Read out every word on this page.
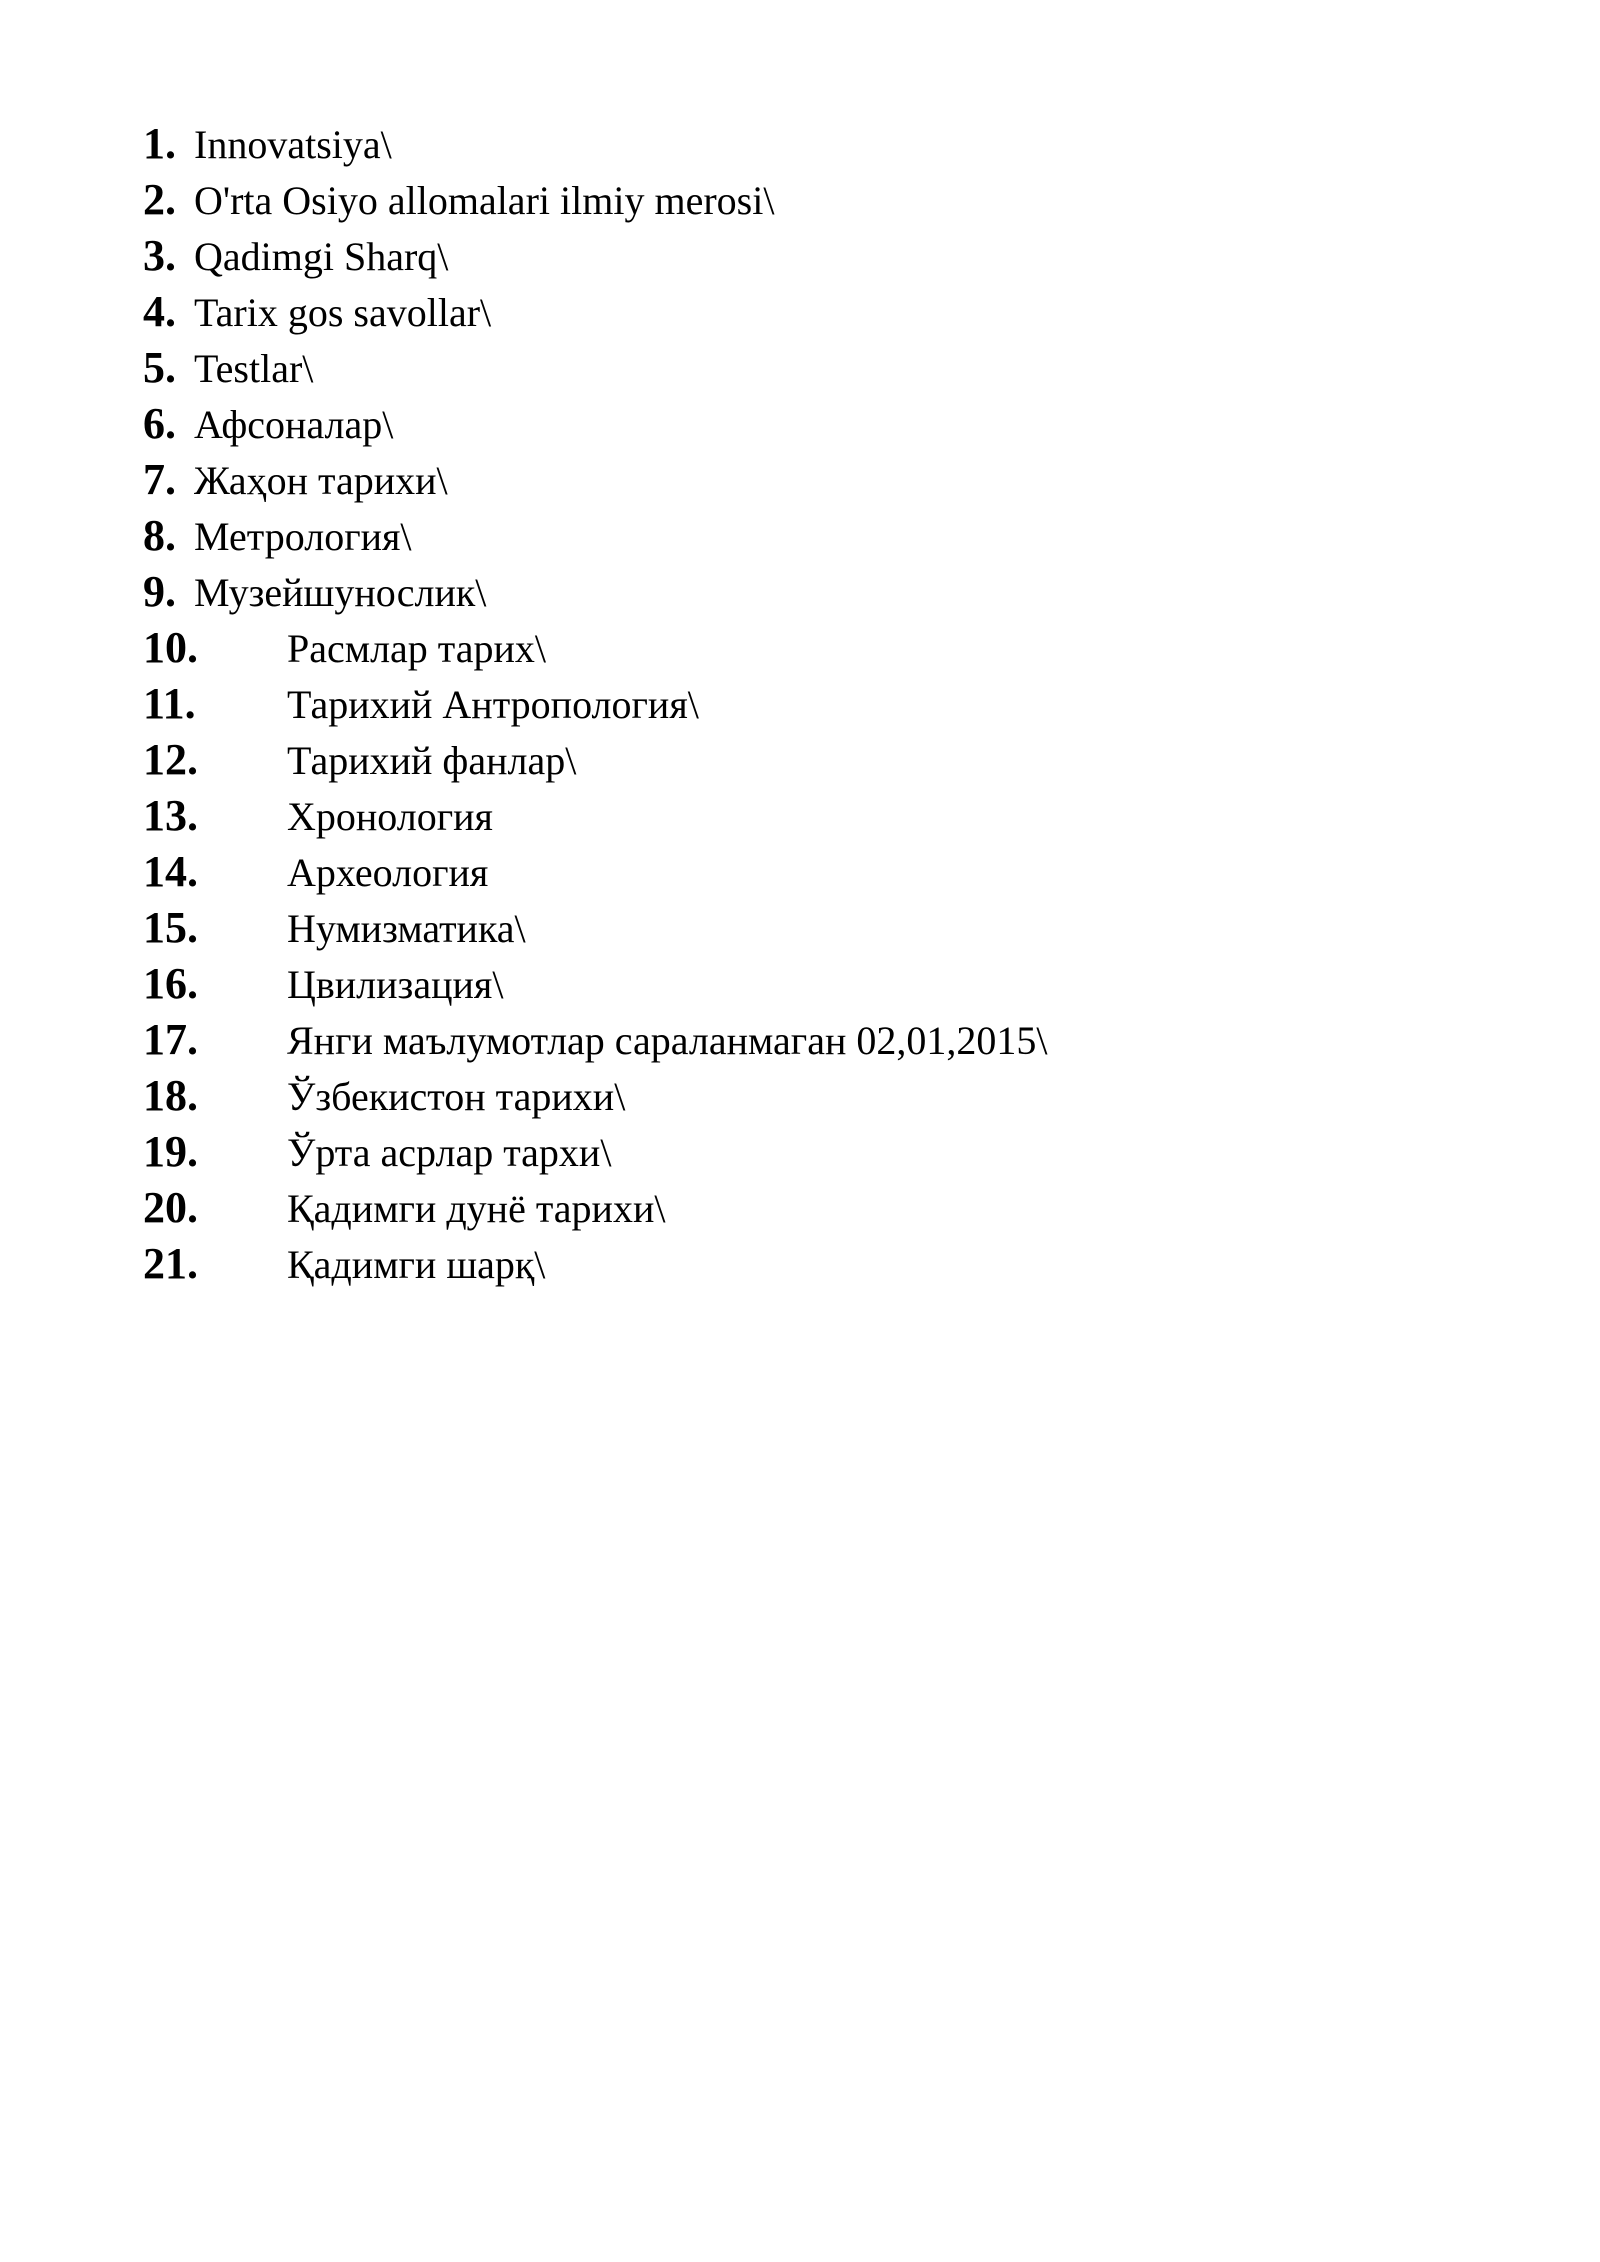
1. Innovatsiya\
2. O'rta Osiyo allomalari ilmiy merosi\
3. Qadimgi Sharq\
4. Tarix gos savollar\
5. Testlar\
6. Афсоналар\
7. Жаҳон тарихи\
8. Метрология\
9. Музейшунослик\
10.	Расмлар тарих\
11.	Тарихий Антропология\
12.	Тарихий фанлар\
13.	Хронология
14.	Археология
15.	Нумизматика\
16.	Цвилизация\
17.	Янги маълумотлар сараланмаган 02,01,2015\
18.	Ўзбекистон тарихи\
19.	Ўрта асрлар тархи\
20.	Қадимги дунё тарихи\
21.	Қадимги шарқ\
